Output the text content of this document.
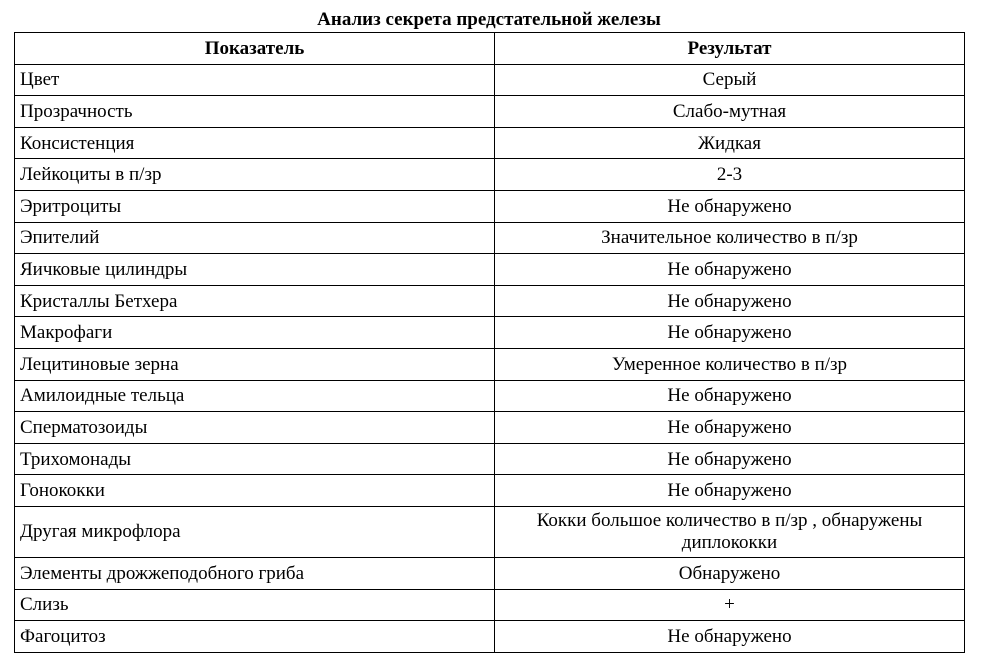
Анализ секрета предстательной железы
Показатель	Результат
Цвет	Серый
Прозрачность	Слабо-мутная
Консистенция	Жидкая
Лейкоциты в п/зр	2-3
Эритроциты	Не обнаружено
Эпителий	Значительное количество в п/зр
Яичковые цилиндры	Не обнаружено
Кристаллы Бетхера	Не обнаружено
Макрофаги	Не обнаружено
Лецитиновые зерна	Умеренное количество в п/зр
Амилоидные тельца	Не обнаружено
Сперматозоиды	Не обнаружено
Трихомонады	Не обнаружено
Гонококки	Не обнаружено
Другая микрофлора	Кокки большое количество в п/зр , обнаружены диплококки
Элементы дрожжеподобного гриба	Обнаружено
Слизь	+
Фагоцитоз	Не обнаружено
